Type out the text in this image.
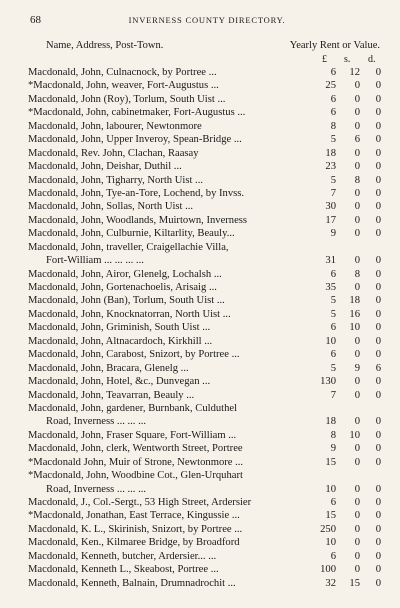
68	INVERNESS COUNTY DIRECTORY.
Name, Address, Post-Town.	Yearly Rent or Value.
£ s. d.
Macdonald, John, Culnacnock, by Portree ...	6	12	0
*Macdonald, John, weaver, Fort-Augustus ...	25	0	0
Macdonald, John (Roy), Torlum, South Uist ...	6	0	0
*Macdonald, John, cabinetmaker, Fort-Augustus ...	6	0	0
Macdonald, John, labourer, Newtonmore	8	0	0
Macdonald, John, Upper Inveroy, Spean-Bridge ...	5	6	0
Macdonald, Rev. John, Clachan, Raasay	18	0	0
Macdonald, John, Deishar, Duthil ...	23	0	0
Macdonald, John, Tigharry, North Uist ...	5	8	0
Macdonald, John, Tye-an-Tore, Lochend, by Invss.	7	0	0
Macdonald, John, Sollas, North Uist ...	30	0	0
Macdonald, John, Woodlands, Muirtown, Inverness	17	0	0
Macdonald, John, Culburnie, Kiltarlity, Beauly...	9	0	0
Macdonald, John, traveller, Craigellachie Villa,
Fort-William ... ... ... ...	31	0	0
Macdonald, John, Airor, Glenelg, Lochalsh ...	6	8	0
Macdonald, John, Gortenachoelis, Arisaig ...	35	0	0
Macdonald, John (Ban), Torlum, South Uist ...	5	18	0
Macdonald, John, Knocknatorran, North Uist ...	5	16	0
Macdonald, John, Griminish, South Uist ...	6	10	0
Macdonald, John, Altnacardoch, Kirkhill ...	10	0	0
Macdonald, John, Carabost, Snizort, by Portree ...	6	0	0
Macdonald, John, Bracara, Glenelg ...	5	9	6
Macdonald, John, Hotel, &c., Dunvegan ...	130	0	0
Macdonald, John, Teavarran, Beauly ...	7	0	0
Macdonald, John, gardener, Burnbank, Culduthel
Road, Inverness ... ... ...	18	0	0
Macdonald, John, Fraser Square, Fort-William ...	8	10	0
Macdonald, John, clerk, Wentworth Street, Portree	9	0	0
*Macdonald John, Muir of Strone, Newtonmore ...	15	0	0
*Macdonald, John, Woodbine Cot., Glen-Urquhart
Road, Inverness ... ... ...	10	0	0
Macdonald, J., Col.-Sergt., 53 High Street, Ardersier	6	0	0
*Macdonald, Jonathan, East Terrace, Kingussie ...	15	0	0
Macdonald, K. L., Skirinish, Snizort, by Portree ...	250	0	0
Macdonald, Ken., Kilmaree Bridge, by Broadford	10	0	0
Macdonald, Kenneth, butcher, Ardersier... ...	6	0	0
Macdonald, Kenneth L., Skeabost, Portree ...	100	0	0
Macdonald, Kenneth, Balnain, Drumnadrochit ...	32	15	0
